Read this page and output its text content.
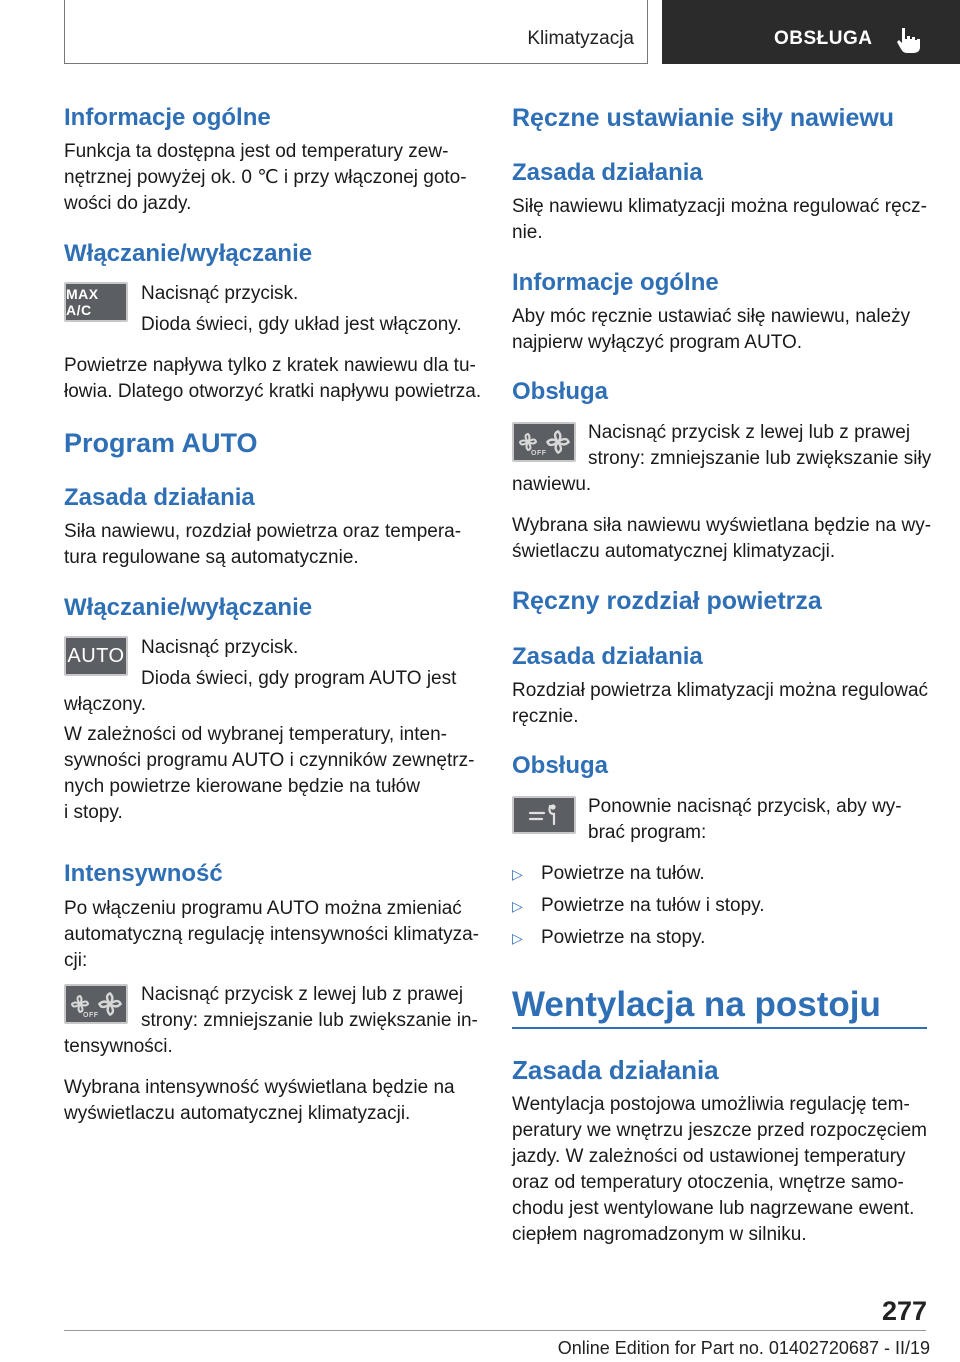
Klimatyzacja	OBSŁUGA
Informacje ogólne
Funkcja ta dostępna jest od temperatury zew-
nętrznej powyżej ok. 0 ℃ i przy włączonej goto-
wości do jazdy.
Włączanie/wyłączanie
MAX A/C
Nacisnąć przycisk.
Dioda świeci, gdy układ jest włączony.
Powietrze napływa tylko z kratek nawiewu dla tu-
łowia. Dlatego otworzyć kratki napływu powietrza.
Program AUTO
Zasada działania
Siła nawiewu, rozdział powietrza oraz tempera-
tura regulowane są automatycznie.
Włączanie/wyłączanie
AUTO Nacisnąć przycisk.
Dioda świeci, gdy program AUTO jest
włączony.
W zależności od wybranej temperatury, inten-
sywności programu AUTO i czynników zewnętrz-
nych powietrze kierowane będzie na tułów
i stopy.
Intensywność
Po włączeniu programu AUTO można zmieniać
automatyczną regulację intensywności klimatyza-
cji:
OFF
Nacisnąć przycisk z lewej lub z prawej
strony: zmniejszanie lub zwiększanie in-
tensywności.
Wybrana intensywność wyświetlana będzie na
wyświetlaczu automatycznej klimatyzacji.
Ręczne ustawianie siły nawiewu
Zasada działania
Siłę nawiewu klimatyzacji można regulować ręcz-
nie.
Informacje ogólne
Aby móc ręcznie ustawiać siłę nawiewu, należy
najpierw wyłączyć program AUTO.
Obsługa
OFF
Nacisnąć przycisk z lewej lub z prawej
strony: zmniejszanie lub zwiększanie siły
nawiewu.
Wybrana siła nawiewu wyświetlana będzie na wy-
świetlaczu automatycznej klimatyzacji.
Ręczny rozdział powietrza
Zasada działania
Rozdział powietrza klimatyzacji można regulować
ręcznie.
Obsługa
Ponownie nacisnąć przycisk, aby wy-
brać program:
▷ Powietrze na tułów.
▷ Powietrze na tułów i stopy.
▷ Powietrze na stopy.
Wentylacja na postoju
Zasada działania
Wentylacja postojowa umożliwia regulację tem-
peratury we wnętrzu jeszcze przed rozpoczęciem
jazdy. W zależności od ustawionej temperatury
oraz od temperatury otoczenia, wnętrze samo-
chodu jest wentylowane lub nagrzewane ewent.
ciepłem nagromadzonym w silniku.
277
Online Edition for Part no. 01402720687 - II/19
